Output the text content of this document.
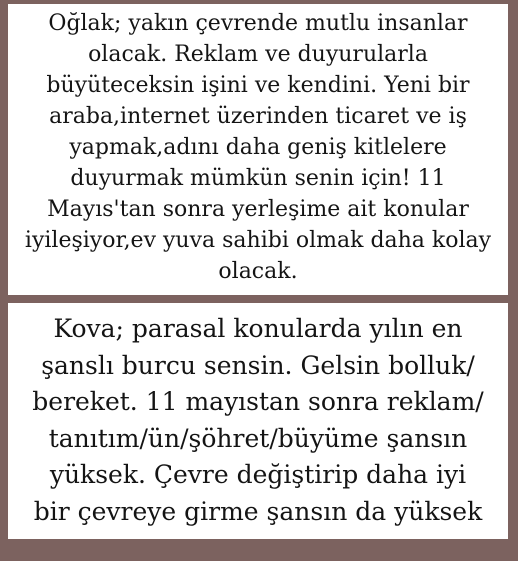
Oğlak; yakın çevrende mutlu insanlar
olacak. Reklam ve duyurularla
büyüteceksin işini ve kendini. Yeni bir
araba,internet üzerinden ticaret ve iş
yapmak,adını daha geniş kitlelere
duyurmak mümkün senin için! 11
Mayıs'tan sonra yerleşime ait konular
iyileşiyor,ev yuva sahibi olmak daha kolay
olacak.

Kova; parasal konularda yılın en
şanslı burcu sensin. Gelsin bolluk/
bereket. 11 mayıstan sonra reklam/
tanıtım/ün/şöhret/büyüme şansın
yüksek. Çevre değiştirip daha iyi
bir çevreye girme şansın da yüksek
